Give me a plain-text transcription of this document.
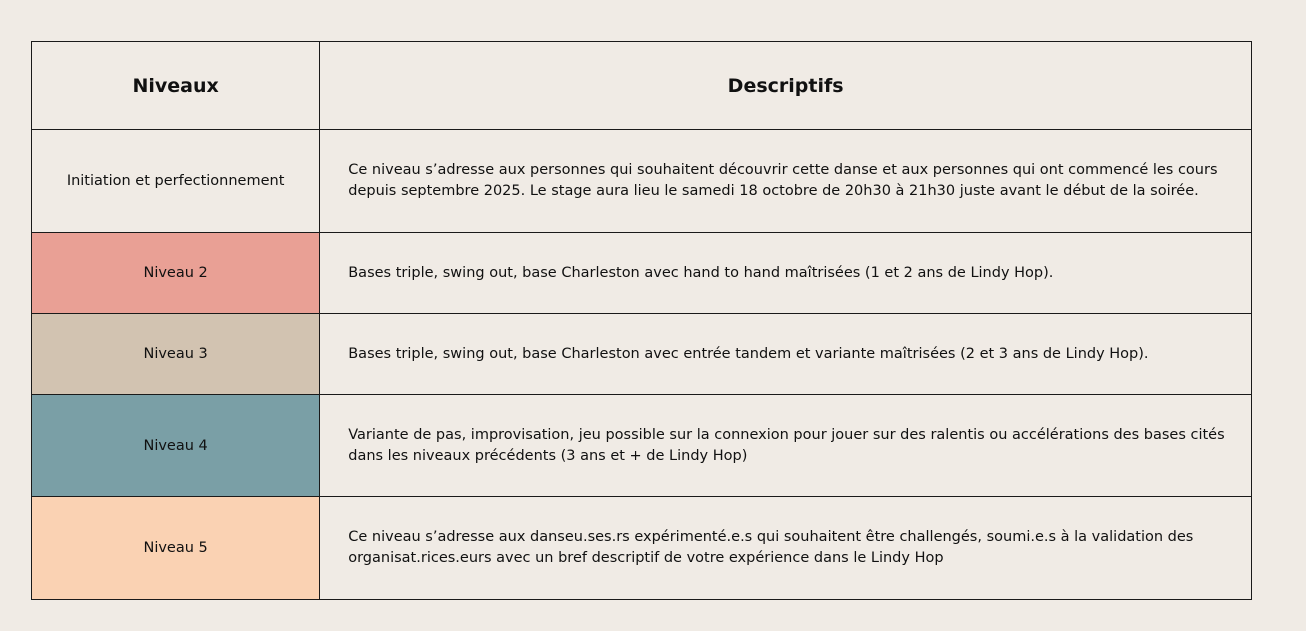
Niveaux	Descriptifs
Initiation et perfectionnement	Ce niveau s’adresse aux personnes qui souhaitent découvrir cette danse et aux personnes qui ont commencé les cours depuis septembre 2025. Le stage aura lieu le samedi 18 octobre de 20h30 à 21h30 juste avant le début de la soirée.
Niveau 2	Bases triple, swing out, base Charleston avec hand to hand maîtrisées (1 et 2 ans de Lindy Hop).
Niveau 3	Bases triple, swing out, base Charleston avec entrée tandem et variante maîtrisées (2 et 3 ans de Lindy Hop).
Niveau 4	Variante de pas, improvisation, jeu possible sur la connexion pour jouer sur des ralentis ou accélérations des bases cités dans les niveaux précédents (3 ans et + de Lindy Hop)
Niveau 5	Ce niveau s’adresse aux danseu.ses.rs expérimenté.e.s qui souhaitent être challengés, soumi.e.s à la validation des organisat.rices.eurs avec un bref descriptif de votre expérience dans le Lindy Hop
